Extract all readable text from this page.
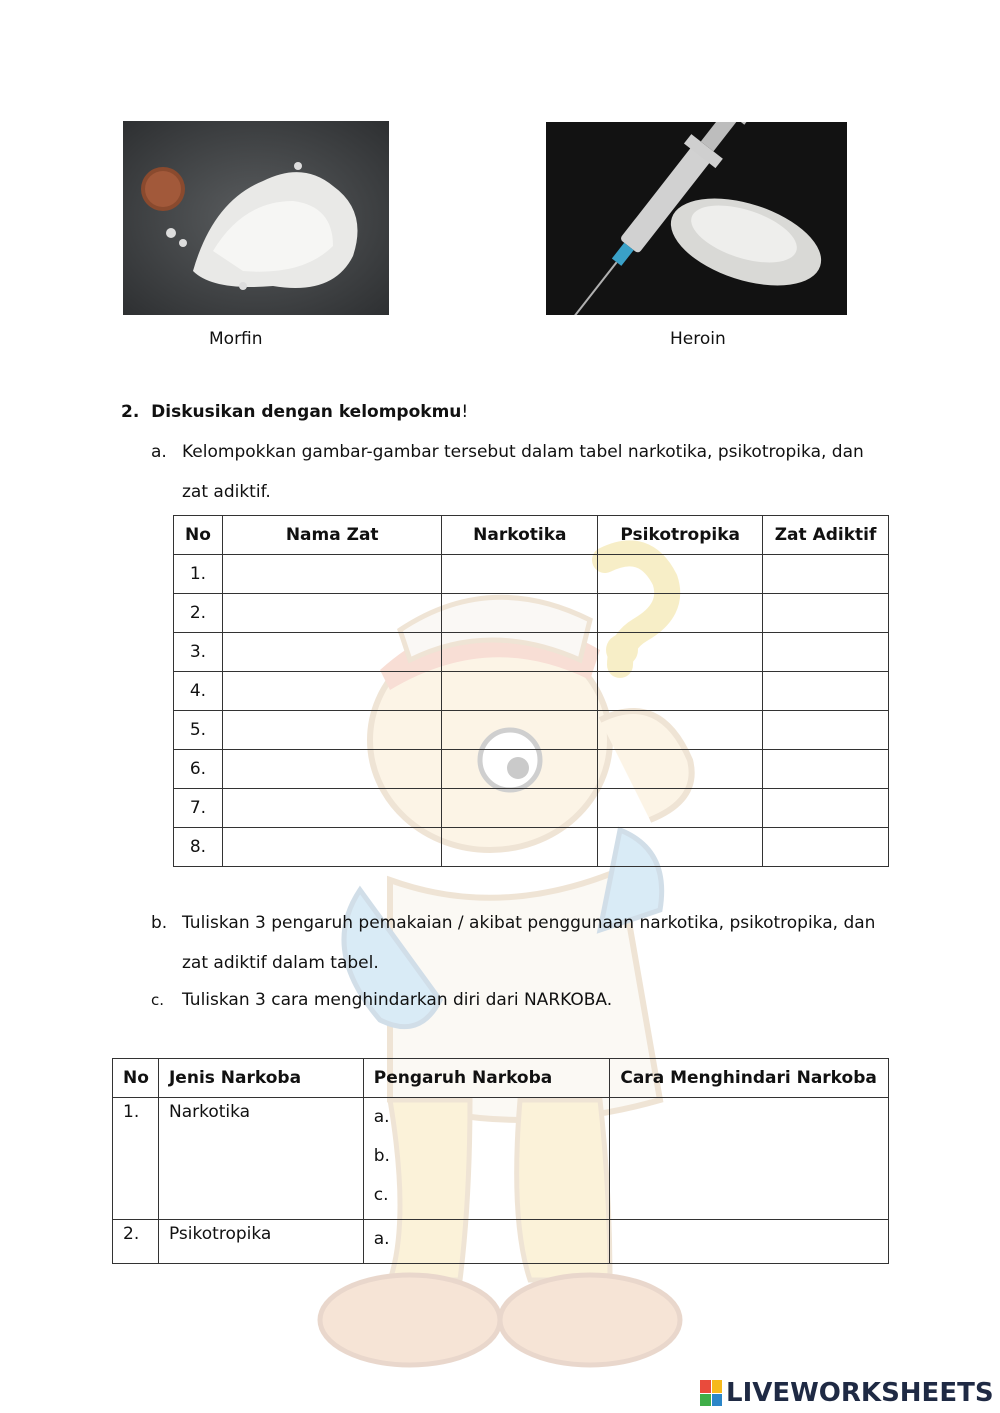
Morfin	Heroin
2. Diskusikan dengan kelompokmu!
a. Kelompokkan gambar-gambar tersebut dalam tabel narkotika, psikotropika, dan
zat adiktif.
No	Nama Zat	Narkotika	Psikotropika	Zat Adiktif
1.				
2.				
3.				
4.				
5.				
6.				
7.				
8.				
b. Tuliskan 3 pengaruh pemakaian / akibat penggunaan narkotika, psikotropika, dan
zat adiktif dalam tabel.
c. Tuliskan 3 cara menghindarkan diri dari NARKOBA.
No	Jenis Narkoba	Pengaruh Narkoba	Cara Menghindari Narkoba
1.	Narkotika	a.
b.
c.	

2.	Psikotropika	a.	

LIVEWORKSHEETS
